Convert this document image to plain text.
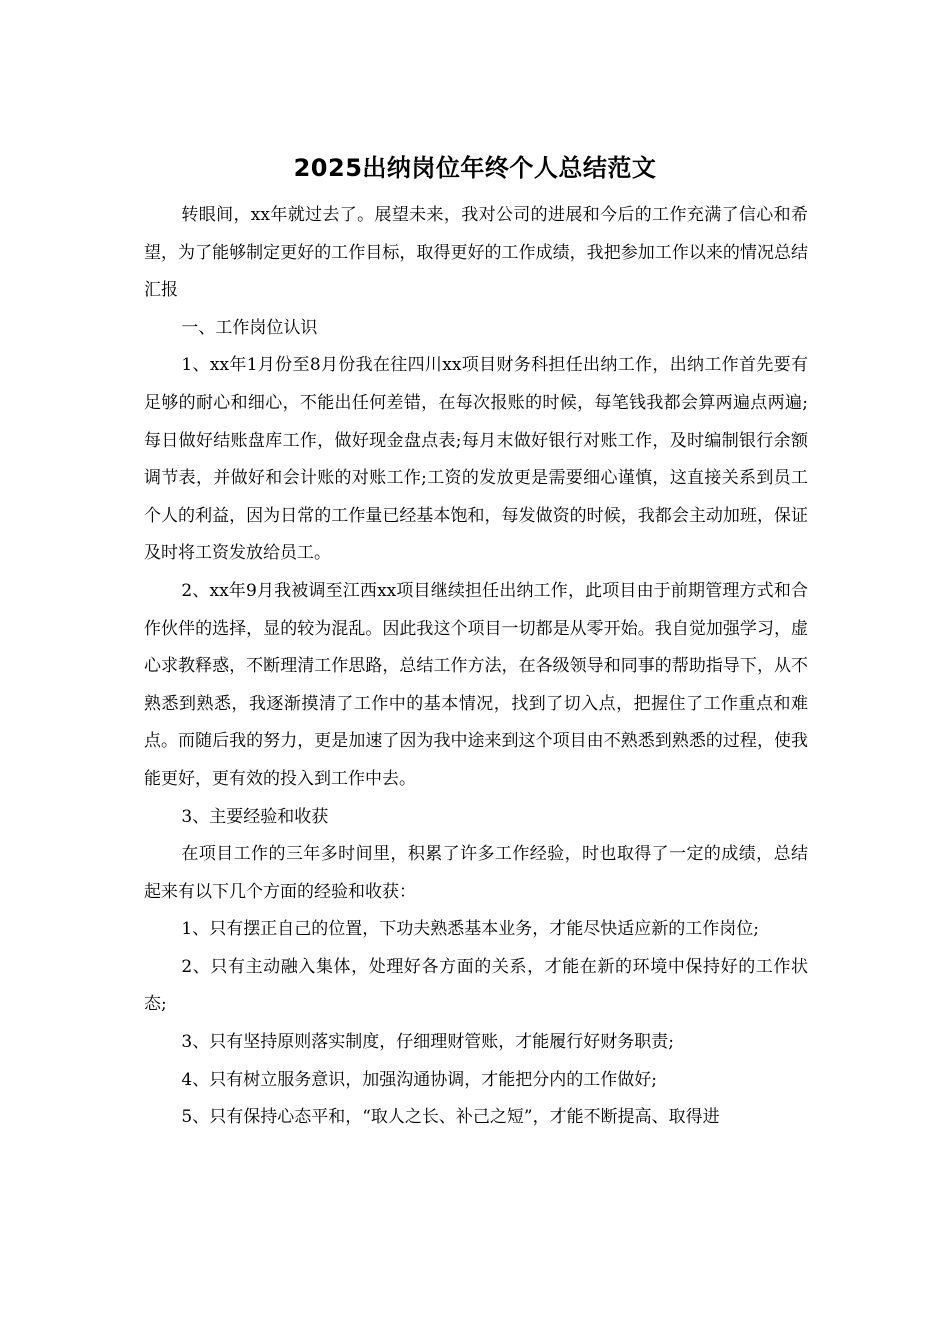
2025出纳岗位年终个人总结范文

转眼间，xx年就过去了。展望未来，我对公司的进展和今后的工作充满了信心和希望，为了能够制定更好的工作目标，取得更好的工作成绩，我把参加工作以来的情况总结汇报

一、工作岗位认识

1、xx年1月份至8月份我在往四川xx项目财务科担任出纳工作，出纳工作首先要有足够的耐心和细心，不能出任何差错，在每次报账的时候，每笔钱我都会算两遍点两遍;每日做好结账盘库工作，做好现金盘点表;每月末做好银行对账工作，及时编制银行余额调节表，并做好和会计账的对账工作;工资的发放更是需要细心谨慎，这直接关系到员工个人的利益，因为日常的工作量已经基本饱和，每发做资的时候，我都会主动加班，保证及时将工资发放给员工。

2、xx年9月我被调至江西xx项目继续担任出纳工作，此项目由于前期管理方式和合作伙伴的选择，显的较为混乱。因此我这个项目一切都是从零开始。我自觉加强学习，虚心求教释惑，不断理清工作思路，总结工作方法，在各级领导和同事的帮助指导下，从不熟悉到熟悉，我逐渐摸清了工作中的基本情况，找到了切入点，把握住了工作重点和难点。而随后我的努力，更是加速了因为我中途来到这个项目由不熟悉到熟悉的过程，使我能更好，更有效的投入到工作中去。

3、主要经验和收获

在项目工作的三年多时间里，积累了许多工作经验，时也取得了一定的成绩，总结起来有以下几个方面的经验和收获：

1、只有摆正自己的位置，下功夫熟悉基本业务，才能尽快适应新的工作岗位;

2、只有主动融入集体，处理好各方面的关系，才能在新的环境中保持好的工作状态;

3、只有坚持原则落实制度，仔细理财管账，才能履行好财务职责;

4、只有树立服务意识，加强沟通协调，才能把分内的工作做好;

5、只有保持心态平和，“取人之长、补己之短”，才能不断提高、取得进
